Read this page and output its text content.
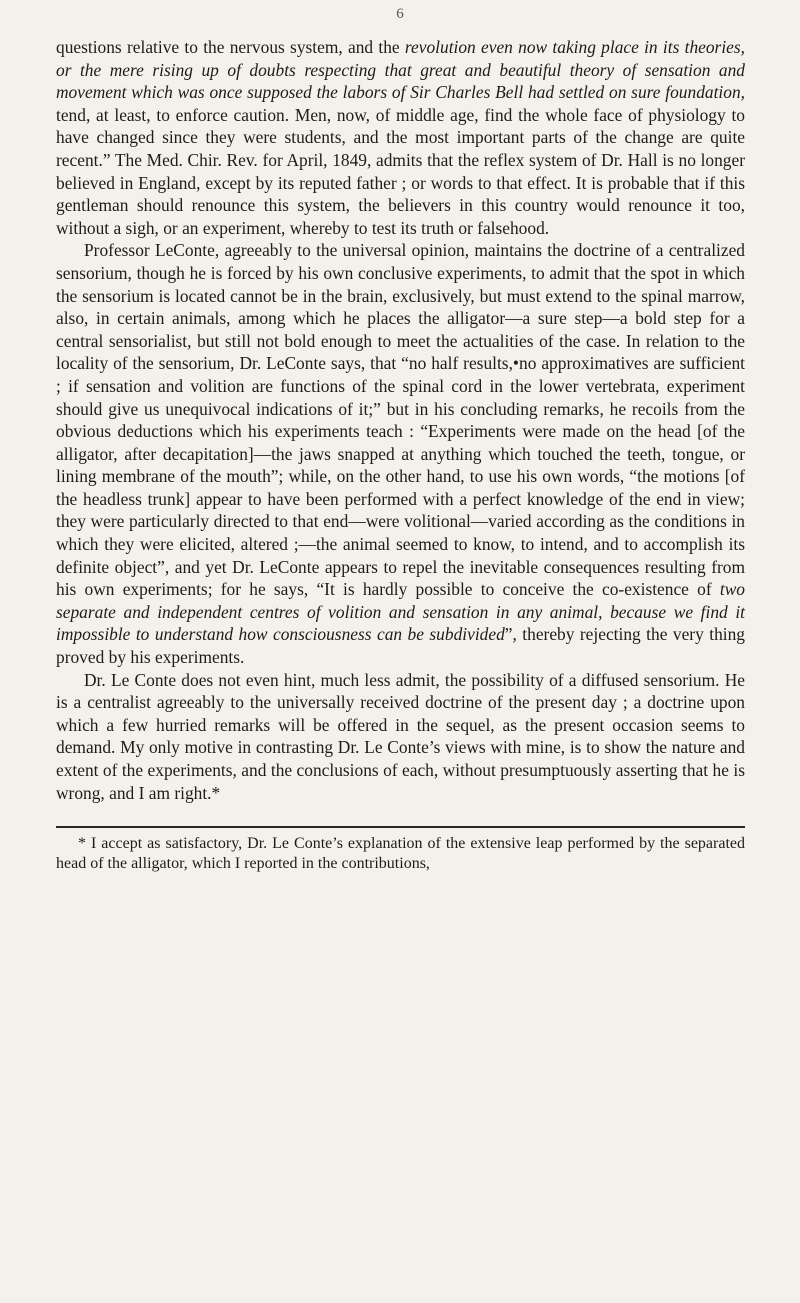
6

questions relative to the nervous system, and the revolution even now taking place in its theories, or the mere rising up of doubts respecting that great and beautiful theory of sensation and movement which was once supposed the labors of Sir Charles Bell had settled on sure foundation, tend, at least, to enforce caution. Men, now, of middle age, find the whole face of physiology to have changed since they were students, and the most important parts of the change are quite recent.” The Med. Chir. Rev. for April, 1849, admits that the reflex system of Dr. Hall is no longer believed in England, except by its reputed father ; or words to that effect. It is probable that if this gentleman should renounce this system, the believers in this country would renounce it too, without a sigh, or an experiment, whereby to test its truth or falsehood.

Professor LeConte, agreeably to the universal opinion, maintains the doctrine of a centralized sensorium, though he is forced by his own conclusive experiments, to admit that the spot in which the sensorium is located cannot be in the brain, exclusively, but must extend to the spinal marrow, also, in certain animals, among which he places the alligator—a sure step—a bold step for a central sensorialist, but still not bold enough to meet the actualities of the case. In relation to the locality of the sensorium, Dr. LeConte says, that “no half results,•no approximatives are sufficient ; if sensation and volition are functions of the spinal cord in the lower vertebrata, experiment should give us unequivocal indications of it;” but in his concluding remarks, he recoils from the obvious deductions which his experiments teach : “Experiments were made on the head [of the alligator, after decapitation]—the jaws snapped at anything which touched the teeth, tongue, or lining membrane of the mouth”; while, on the other hand, to use his own words, “the motions [of the headless trunk] appear to have been performed with a perfect knowledge of the end in view; they were particularly directed to that end—were volitional—varied according as the conditions in which they were elicited, altered ;—the animal seemed to know, to intend, and to accomplish its definite object”, and yet Dr. LeConte appears to repel the inevitable consequences resulting from his own experiments; for he says, “It is hardly possible to conceive the co-existence of two separate and independent centres of volition and sensation in any animal, because we find it impossible to understand how consciousness can be subdivided”, thereby rejecting the very thing proved by his experiments.

Dr. Le Conte does not even hint, much less admit, the possibility of a diffused sensorium. He is a centralist agreeably to the universally received doctrine of the present day ; a doctrine upon which a few hurried remarks will be offered in the sequel, as the present occasion seems to demand. My only motive in contrasting Dr. Le Conte’s views with mine, is to show the nature and extent of the experiments, and the conclusions of each, without presumptuously asserting that he is wrong, and I am right.*

* I accept as satisfactory, Dr. Le Conte’s explanation of the extensive leap performed by the separated head of the alligator, which I reported in the contributions,
